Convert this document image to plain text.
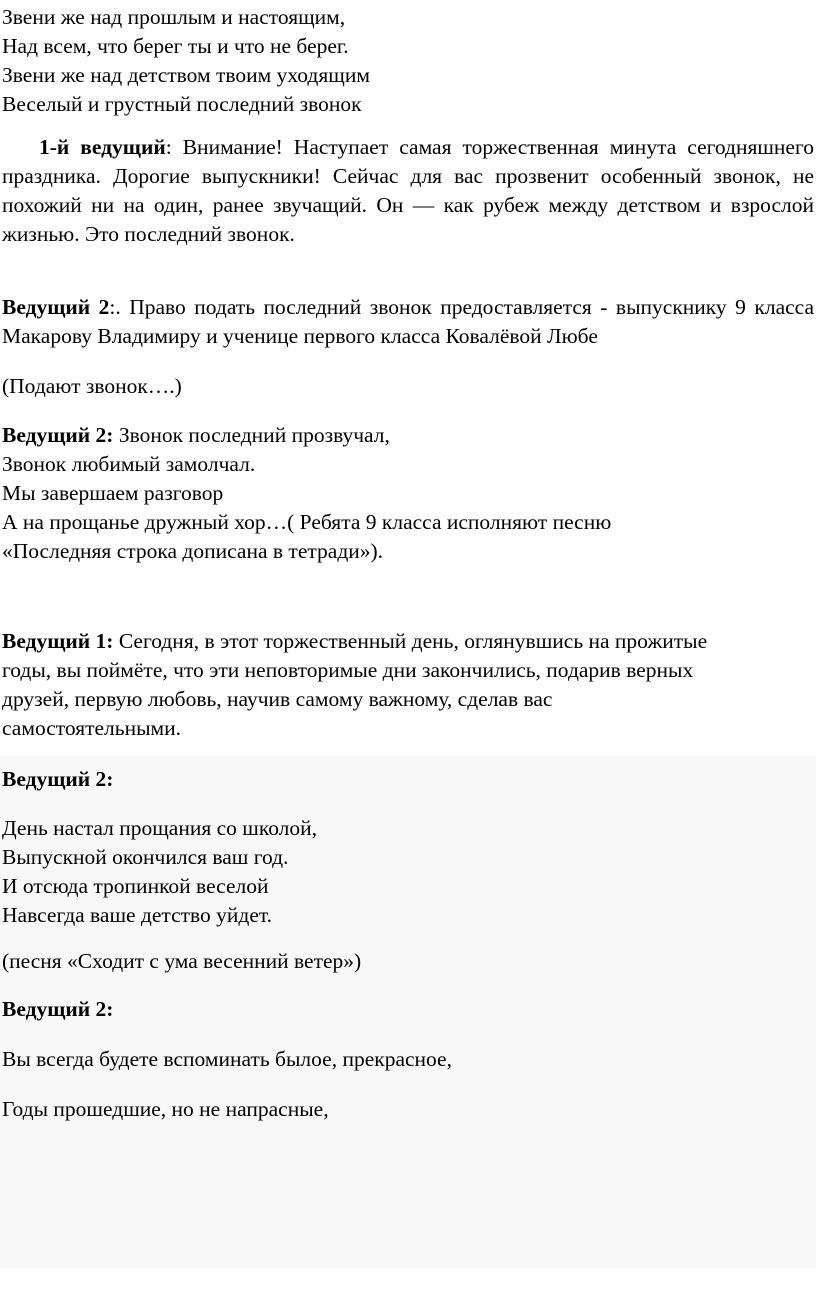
Звени же над прошлым и настоящим,
Над всем, что берег ты и что не берег.
Звени же над детством твоим уходящим
Веселый и грустный последний звонок

1-й ведущий: Внимание! Наступает самая торжественная минута сегодняшнего праздника. Дорогие выпускники! Сейчас для вас прозвенит особенный звонок, не похожий ни на один, ранее звучащий. Он — как рубеж между детством и взрослой жизнью. Это последний звонок.

Ведущий 2:. Право подать последний звонок предоставляется - выпускнику 9 класса Макарову Владимиру и ученице первого класса Ковалёвой Любе

(Подают звонок….)

Ведущий 2: Звонок последний прозвучал,
Звонок любимый замолчал.
Мы завершаем разговор
А на прощанье дружный хор…( Ребята 9 класса исполняют песню
«Последняя строка дописана в тетради»).
Ведущий 1: Сегодня, в этот торжественный день, оглянувшись на прожитые
годы, вы поймёте, что эти неповторимые дни закончились, подарив верных
друзей, первую любовь, научив самому важному, сделав вас
самостоятельными.

Ведущий 2:

День настал прощания со школой,
Выпускной окончился ваш год.
И отсюда тропинкой веселой
Навсегда ваше детство уйдет.

(песня «Сходит с ума весенний ветер»)

Ведущий 2:

Вы всегда будете вспоминать былое, прекрасное,

Годы прошедшие, но не напрасные,
